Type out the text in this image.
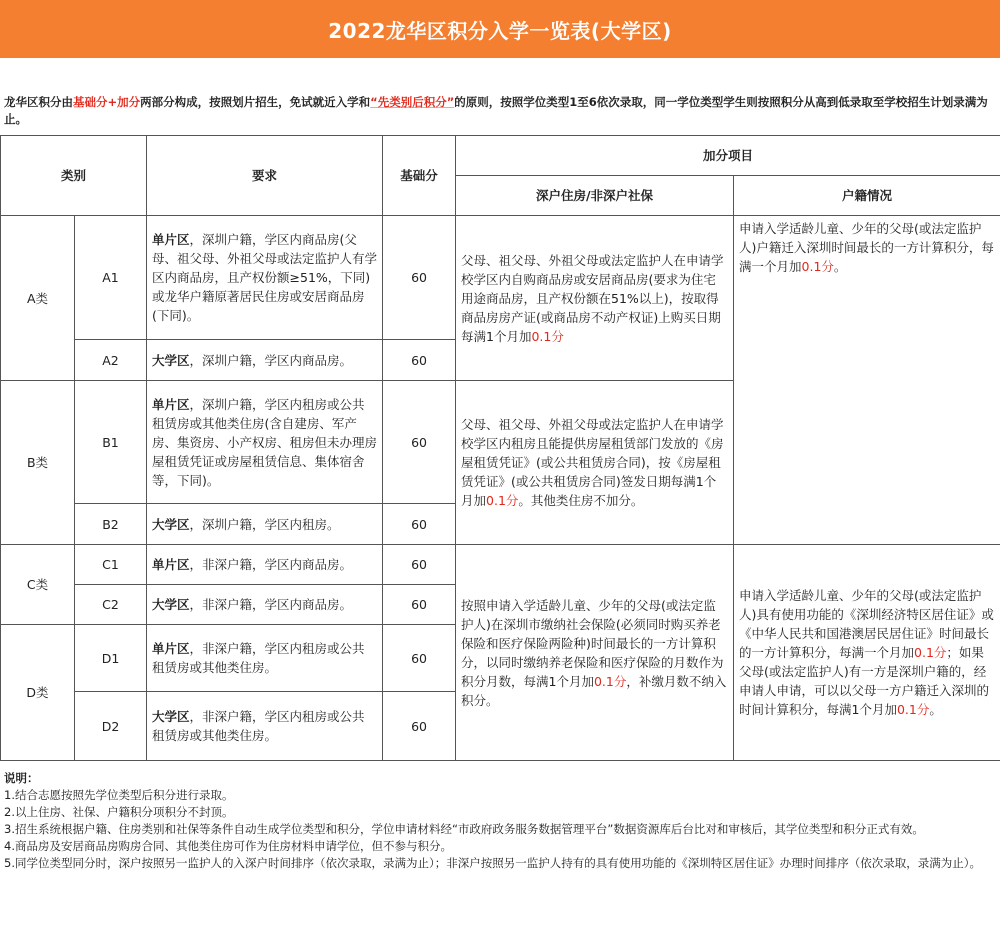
2022龙华区积分入学一览表(大学区)
龙华区积分由基础分+加分两部分构成，按照划片招生，免试就近入学和“先类别后积分”的原则，按照学位类型1至6依次录取，同一学位类型学生则按照积分从高到低录取至学校招生计划录满为止。
类别		要求	基础分	加分项目	
				深户住房/非深户社保	户籍情况
A类	A1	单片区，深圳户籍，学区内商品房(父母、祖父母、外祖父母或法定监护人有学区内商品房，且产权份额≥51%，下同)或龙华户籍原著居民住房或安居商品房(下同)。	60	父母、祖父母、外祖父母或法定监护人在申请学校学区内自购商品房或安居商品房(要求为住宅用途商品房，且产权份额在51%以上)，按取得商品房房产证(或商品房不动产权证)上购买日期每满1个月加0.1分	申请入学适龄儿童、少年的父母(或法定监护人)户籍迁入深圳时间最长的一方计算积分，每满一个月加0.1分。
	A2	大学区，深圳户籍，学区内商品房。	60		
B类	B1	单片区，深圳户籍，学区内租房或公共租赁房或其他类住房(含自建房、军产房、集资房、小产权房、租房但未办理房屋租赁凭证或房屋租赁信息、集体宿舍等，下同)。	60	父母、祖父母、外祖父母或法定监护人在申请学校学区内租房且能提供房屋租赁部门发放的《房屋租赁凭证》(或公共租赁房合同)，按《房屋租赁凭证》(或公共租赁房合同)签发日期每满1个月加0.1分。其他类住房不加分。	
	B2	大学区，深圳户籍，学区内租房。	60		
C类	C1	单片区，非深户籍，学区内商品房。	60	按照申请入学适龄儿童、少年的父母(或法定监护人)在深圳市缴纳社会保险(必须同时购买养老保险和医疗保险两险种)时间最长的一方计算积分，以同时缴纳养老保险和医疗保险的月数作为积分月数，每满1个月加0.1分，补缴月数不纳入积分。	申请入学适龄儿童、少年的父母(或法定监护人)具有使用功能的《深圳经济特区居住证》或《中华人民共和国港澳居民居住证》时间最长的一方计算积分，每满一个月加0.1分；如果父母(或法定监护人)有一方是深圳户籍的，经申请人申请，可以以父母一方户籍迁入深圳的时间计算积分，每满1个月加0.1分。
	C2	大学区，非深户籍，学区内商品房。	60		
D类	D1	单片区，非深户籍，学区内租房或公共租赁房或其他类住房。	60		
	D2	大学区，非深户籍，学区内租房或公共租赁房或其他类住房。	60		
说明：
1.结合志愿按照先学位类型后积分进行录取。
2.以上住房、社保、户籍积分项积分不封顶。
3.招生系统根据户籍、住房类别和社保等条件自动生成学位类型和积分，学位申请材料经“市政府政务服务数据管理平台”数据资源库后台比对和审核后，其学位类型和积分正式有效。
4.商品房及安居商品房购房合同、其他类住房可作为住房材料申请学位，但不参与积分。
5.同学位类型同分时，深户按照另一监护人的入深户时间排序（依次录取，录满为止）；非深户按照另一监护人持有的具有使用功能的《深圳特区居住证》办理时间排序（依次录取，录满为止）。
